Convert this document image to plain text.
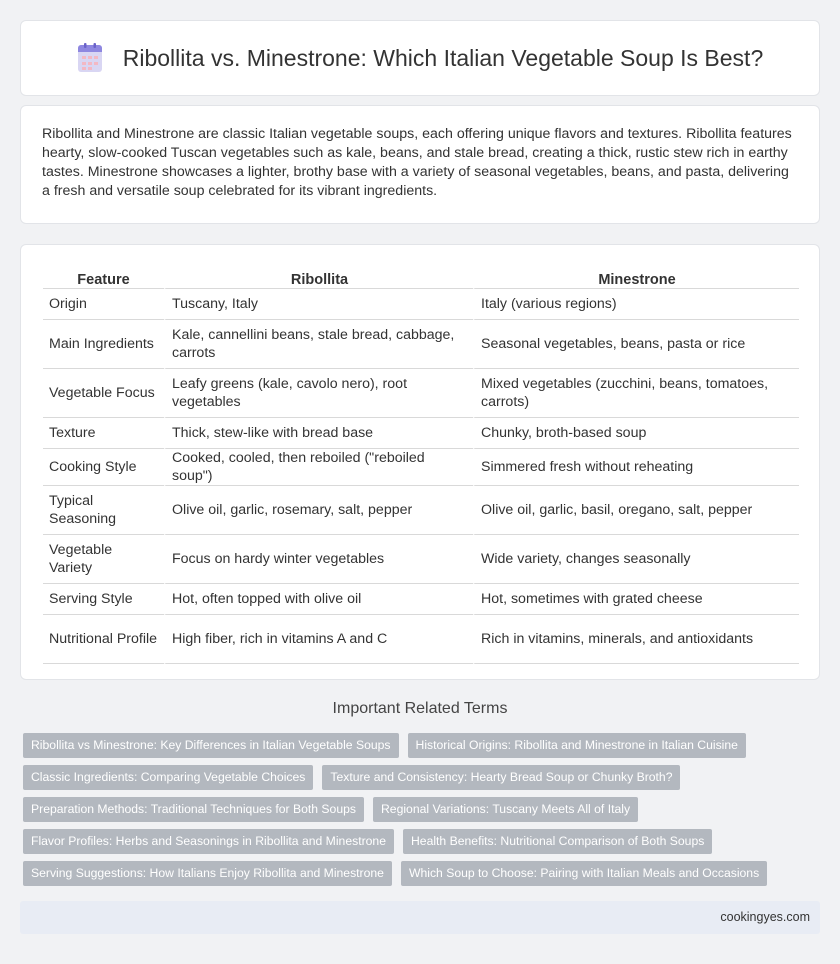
Ribollita vs. Minestrone: Which Italian Vegetable Soup Is Best?

Ribollita and Minestrone are classic Italian vegetable soups, each offering unique flavors and textures. Ribollita features hearty, slow-cooked Tuscan vegetables such as kale, beans, and stale bread, creating a thick, rustic stew rich in earthy tastes. Minestrone showcases a lighter, brothy base with a variety of seasonal vegetables, beans, and pasta, delivering a fresh and versatile soup celebrated for its vibrant ingredients.

Feature	Ribollita	Minestrone
Origin	Tuscany, Italy	Italy (various regions)
Main Ingredients	Kale, cannellini beans, stale bread, cabbage, carrots	Seasonal vegetables, beans, pasta or rice
Vegetable Focus	Leafy greens (kale, cavolo nero), root vegetables	Mixed vegetables (zucchini, beans, tomatoes, carrots)
Texture	Thick, stew-like with bread base	Chunky, broth-based soup
Cooking Style	Cooked, cooled, then reboiled ("reboiled soup")	Simmered fresh without reheating
Typical Seasoning	Olive oil, garlic, rosemary, salt, pepper	Olive oil, garlic, basil, oregano, salt, pepper
Vegetable Variety	Focus on hardy winter vegetables	Wide variety, changes seasonally
Serving Style	Hot, often topped with olive oil	Hot, sometimes with grated cheese
Nutritional Profile	High fiber, rich in vitamins A and C	Rich in vitamins, minerals, and antioxidants
Important Related Terms
Ribollita vs Minestrone: Key Differences in Italian Vegetable Soups	Historical Origins: Ribollita and Minestrone in Italian Cuisine
Classic Ingredients: Comparing Vegetable Choices	Texture and Consistency: Hearty Bread Soup or Chunky Broth?
Preparation Methods: Traditional Techniques for Both Soups	Regional Variations: Tuscany Meets All of Italy
Flavor Profiles: Herbs and Seasonings in Ribollita and Minestrone	Health Benefits: Nutritional Comparison of Both Soups
Serving Suggestions: How Italians Enjoy Ribollita and Minestrone	Which Soup to Choose: Pairing with Italian Meals and Occasions
cookingyes.com
